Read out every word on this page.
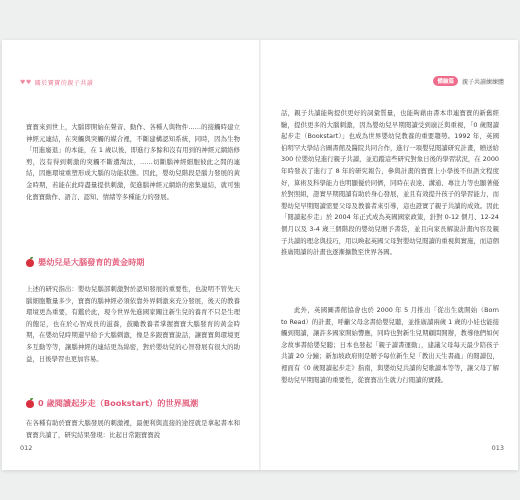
♥♥ 關於寶寶的親子共讀

寶寶來到世上，大腦即開始在聲音、動作、各種人與物件……的接觸時建立神經元連結，在突觸與突觸的媒合裡，不斷建構認知系統，同時，因為生物「用進廢退」的本能，在 1 歲以後，即進行多餘和沒有用到的神經元網絡修剪，沒有得到刺激的突觸不斷遭淘汰，……切斷腦神經細胞彼此之間的連結，因應環境重塑形成大腦的功能狀態。因此，嬰幼兒階段是腦力發展的黃金時期，若能在此時盡量提供刺激，促進腦神經元網絡的密集連結，就可強化寶寶動作、語言、認知、情緒等多種能力的發展。

嬰幼兒是大腦發育的黃金時期

上述的研究指出：嬰幼兒腦部刺激對於認知發展的重要性，也說明不管先天腦細胞數量多少，寶寶的腦神經必須依靠外界刺激來充分發展，後天的教養環境更為重要，有鑑於此，現今世界先進國家關注新生兒的養育不只是生理的飽足，也在於心智成長的滋養，鼓勵教養者掌握寶寶大腦發育的黃金時期，在嬰幼兒時期還早給予大腦刺激，像是多跟寶寶說話，讓寶寶與環境更多互動等等，讓腦神經的連結更為綿密，對於嬰幼兒的心智發展有很大的助益，日後學習也更加容易。

0 歲閱讀起步走（Bookstart）的世界風潮

在各種有助於寶寶大腦發展的刺激裡，最便利與直接的途徑就是拿起書本和寶寶共讀了，研究結果發現：比起日常跟寶寶說

012
體驗篇	親子共讀練練體

話，親子共讀能夠提供更好的詞彙質量，也能夠藉由書本串連寶寶的新舊經驗，提供更多的大腦刺激，因為嬰幼兒早期閱讀受到廣泛與重視，「0 歲閱讀起步走（Bookstart）」也成為世界嬰幼兒教養的重要趨勢。1992 年，英國伯明罕大學結合圖書館及醫院共同合作，進行一項嬰兒閱讀研究計畫，贈送給 300 位嬰幼兒進行親子共讀，並追蹤這些研究對象日後的學習狀況，在 2000 年時發表了進行了 8 年的研究報告，參與計畫的寶寶上小學後不但語文程度好，算術及科學能力也明顯優於同儕，同時在表達、溝通、專注力等也顯著優於對照組，證實早期閱讀有助於身心發展，並且有效提升孩子的學習能力，而嬰幼兒早期閱讀需要父母及教養者來引導，這也證實了親子共讀的成效。因此「閱讀起步走」於 2004 年正式成為英國國家政策，針對 0-12 個月、12-24 個月以及 3-4 歲三個階段的嬰幼兒贈予書袋，並且向家長解說計畫內容及親子共讀的理念與技巧，用以喚起英國父母對嬰幼兒閱讀的重視與實施，而這個推廣閱讀的計畫也逐漸擴散至世界各國。

此外，英國圖書館協會也於 2000 年 5 月推出「從出生就開始（Born to Read）的計畫，呼籲父母念書給嬰兒聽，並推廣讀兩歲 1 歲的小娃也能接觸到閱讀，讓許多國家開始響應，同時也對新生兒期顧問開辦，教導他們如何念故事書給嬰兒聽；日本也發起「親子讀書運動」，建議父母每天最少陪孩子共讀 20 分鐘；新加坡政府則是贈予每位新生兒「教出天生書蟲」的閱讀包，裡面有《0 歲閱讀起步走》指南，與嬰幼兒共讀的兒歌讀本等等，讓父母了解嬰幼兒早期閱讀的重要性，從寶寶出生就力行閱讀的實踐。

013
